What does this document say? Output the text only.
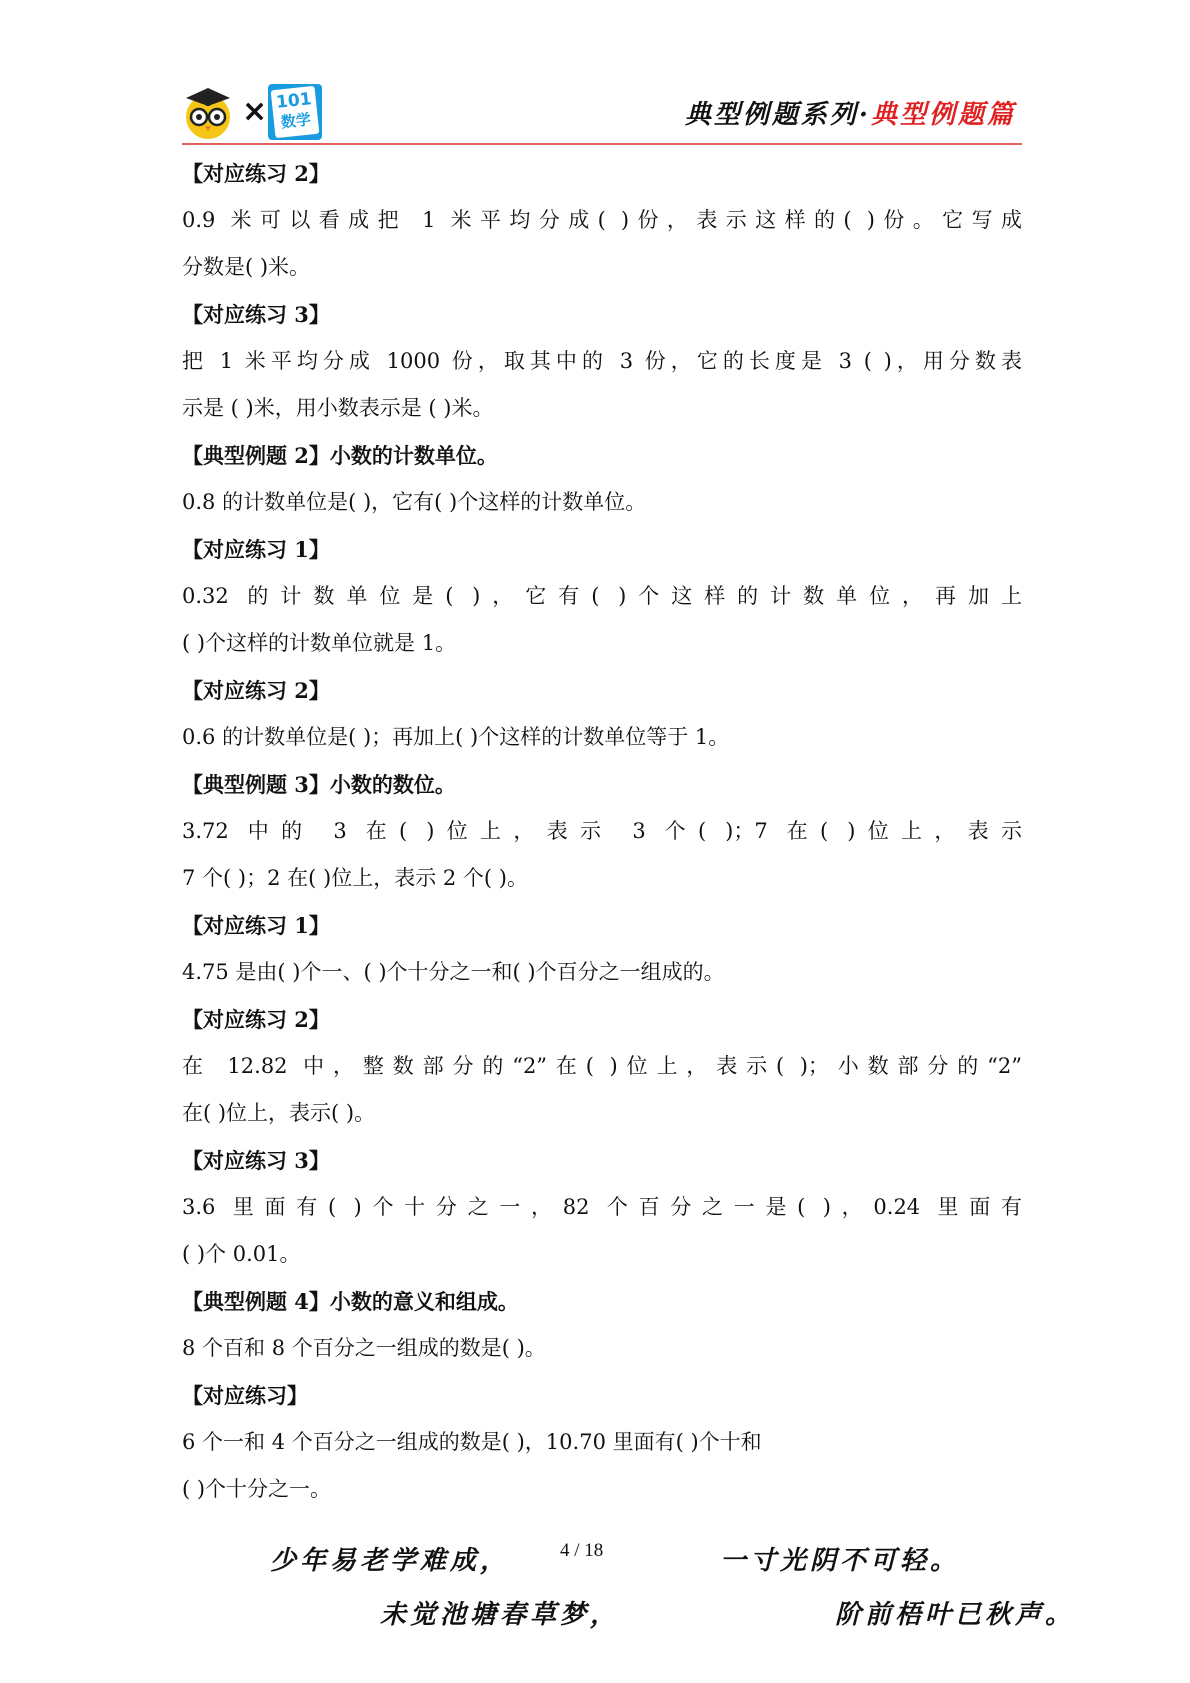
× 101
数学	典型例题系列·典型例题篇
【对应练习 2】
0.9 米可以看成把 1 米平均分成( )份，表示这样的( )份。它写成
分数是( )米。
【对应练习 3】
把 1 米平均分成 1000 份，取其中的 3 份，它的长度是 3 ( )，用分数表
示是 ( )米，用小数表示是 ( )米。
【典型例题 2】小数的计数单位。
0.8 的计数单位是( )，它有( )个这样的计数单位。
【对应练习 1】
0.32 的计数单位是( )，它有( )个这样的计数单位，再加上
( )个这样的计数单位就是 1。
【对应练习 2】
0.6 的计数单位是( )；再加上( )个这样的计数单位等于 1。
【典型例题 3】小数的数位。
3.72 中的 3 在( )位上，表示 3 个( )；7 在( )位上，表示
7 个( )；2 在( )位上，表示 2 个( )。
【对应练习 1】
4.75 是由( )个一、( )个十分之一和( )个百分之一组成的。
【对应练习 2】
在 12.82 中，整数部分的“2”在( )位上，表示( )；小数部分的“2”
在( )位上，表示( )。
【对应练习 3】
3.6 里面有( )个十分之一，82 个百分之一是( )，0.24 里面有
( )个 0.01。
【典型例题 4】小数的意义和组成。
8 个百和 8 个百分之一组成的数是( )。
【对应练习】
6 个一和 4 个百分之一组成的数是( )，10.70 里面有( )个十和
( )个十分之一。
少年易老学难成，	4 / 18	一寸光阴不可轻。
未觉池塘春草梦，	阶前梧叶已秋声。
